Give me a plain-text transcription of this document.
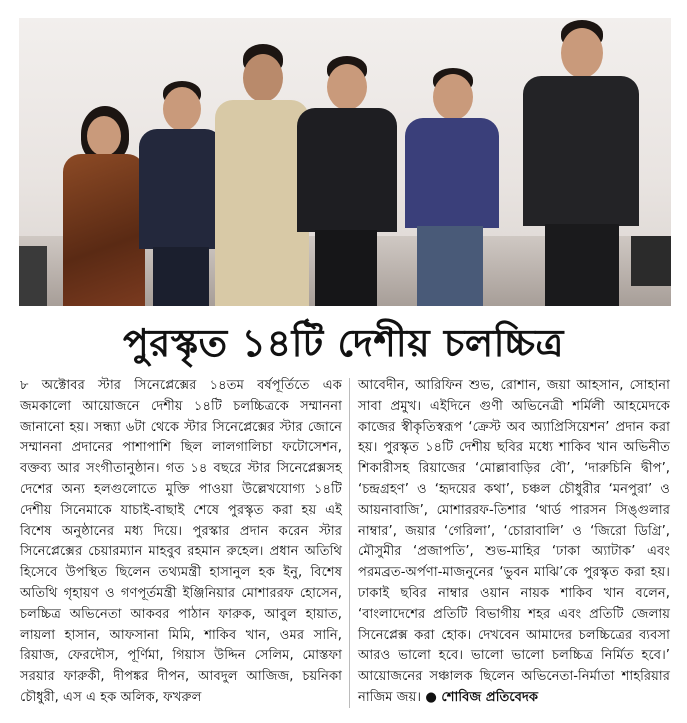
পুরস্কৃত ১৪টি দেশীয় চলচ্চিত্র
৮ অক্টোবর স্টার সিনেপ্লেক্সের ১৪তম বর্ষপূর্তিতে এক জমকালো আয়োজনে দেশীয় ১৪টি চলচ্চিত্রকে সম্মাননা জানানো হয়। সন্ধ্যা ৬টা থেকে স্টার সিনেপ্লেক্সের স্টার জোনে সম্মাননা প্রদানের পাশাপাশি ছিল লালগালিচা ফটোসেশন, বক্তব্য আর সংগীতানুষ্ঠান। গত ১৪ বছরে স্টার সিনেপ্লেক্সসহ দেশের অন্য হলগুলোতে মুক্তি পাওয়া উল্লেখযোগ্য ১৪টি দেশীয় সিনেমাকে যাচাই-বাছাই শেষে পুরস্কৃত করা হয় এই বিশেষ অনুষ্ঠানের মধ্য দিয়ে। পুরস্কার প্রদান করেন স্টার সিনেপ্লেক্সের চেয়ারম্যান মাহবুব রহমান রুহেল। প্রধান অতিথি হিসেবে উপস্থিত ছিলেন তথ্যমন্ত্রী হাসানুল হক ইনু, বিশেষ অতিথি গৃহায়ণ ও গণপূর্তমন্ত্রী ইঞ্জিনিয়ার মোশাররফ হোসেন, চলচ্চিত্র অভিনেতা আকবর পাঠান ফারুক, আবুল হায়াত, লায়লা হাসান, আফসানা মিমি, শাকিব খান, ওমর সানি, রিয়াজ, ফেরদৌস, পূর্ণিমা, গিয়াস উদ্দিন সেলিম, মোস্তফা সরয়ার ফারুকী, দীপঙ্কর দীপন, আবদুল আজিজ, চয়নিকা চৌধুরী, এস এ হক অলিক, ফখরুল
আবেদীন, আরিফিন শুভ, রোশান, জয়া আহসান, সোহানা সাবা প্রমুখ। এইদিনে গুণী অভিনেত্রী শর্মিলী আহমেদকে কাজের স্বীকৃতিস্বরূপ ‘ক্রেস্ট অব অ্যাপ্রিসিয়েশন’ প্রদান করা হয়। পুরস্কৃত ১৪টি দেশীয় ছবির মধ্যে শাকিব খান অভিনীত শিকারীসহ রিয়াজের ‘মোল্লাবাড়ির বৌ’, ‘দারুচিনি দ্বীপ’, ‘চন্দ্রগ্রহণ’ ও ‘হৃদয়ের কথা’, চঞ্চল চৌধুরীর ‘মনপুরা’ ও আয়নাবাজি’, মোশাররফ-তিশার ‘থার্ড পারসন সিঙ্গুলার নাম্বার’, জয়ার ‘গেরিলা’, ‘চোরাবালি’ ও ‘জিরো ডিগ্রি’, মৌসুমীর ‘প্রজাপতি’, শুভ-মাহির ‘ঢাকা অ্যাটাক’ এবং পরমব্রত-অর্পণা-মাজনুনের ‘ভুবন মাঝি’কে পুরস্কৃত করা হয়। ঢাকাই ছবির নাম্বার ওয়ান নায়ক শাকিব খান বলেন, ‘বাংলাদেশের প্রতিটি বিভাগীয় শহর এবং প্রতিটি জেলায় সিনেপ্লেক্স করা হোক। দেখবেন আমাদের চলচ্চিত্রের ব্যবসা আরও ভালো হবে। ভালো ভালো চলচ্চিত্র নির্মিত হবে।’ আয়োজনের সঞ্চালক ছিলেন অভিনেতা-নির্মাতা শাহরিয়ার নাজিম জয়। ● শোবিজ প্রতিবেদক
